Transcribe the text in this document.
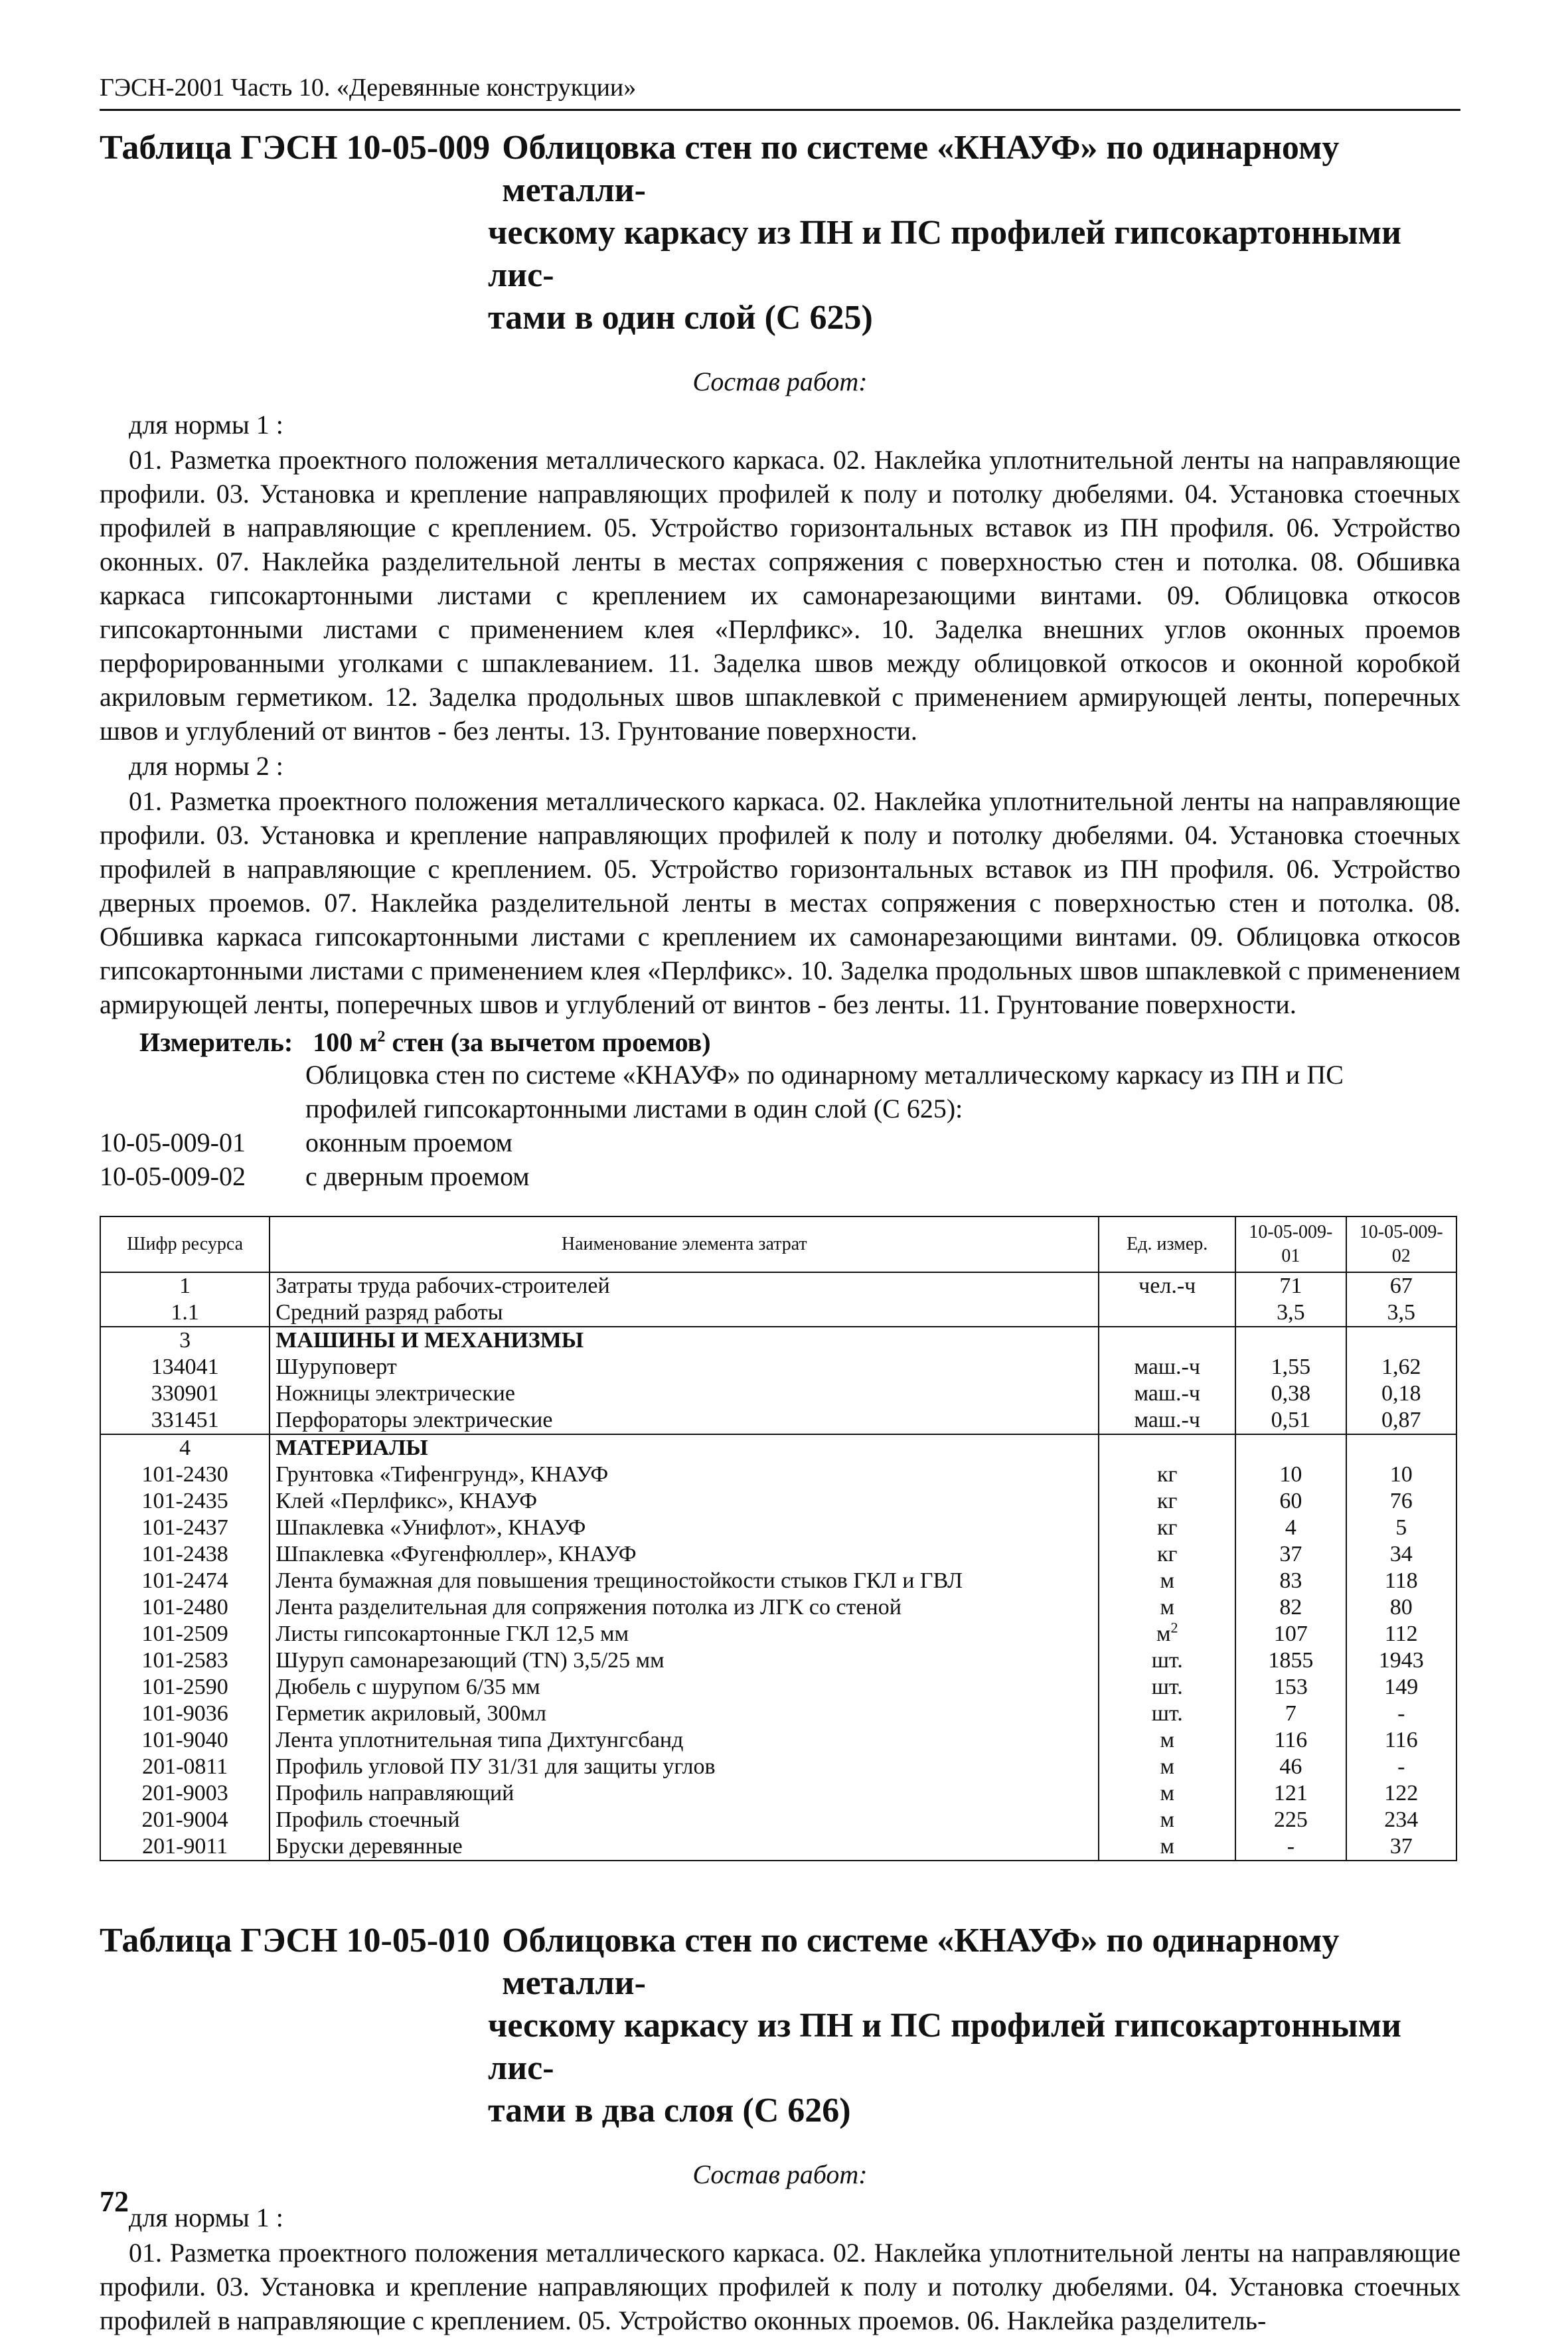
ГЭСН-2001 Часть 10. «Деревянные конструкции»
Таблица ГЭСН 10-05-009 Облицовка стен по системе «КНАУФ» по одинарному металли-
ческому каркасу из ПН и ПС профилей гипсокартонными лис-
тами в один слой (С 625)
Состав работ:
для нормы 1 :
01. Разметка проектного положения металлического каркаса. 02. Наклейка уплотнительной ленты на направляющие профили. 03. Установка и крепление направляющих профилей к полу и потолку дюбелями. 04. Установка стоечных профилей в направляющие с креплением. 05. Устройство горизонтальных вставок из ПН профиля. 06. Устройство оконных. 07. Наклейка разделительной ленты в местах сопряжения с поверхностью стен и потолка. 08. Обшивка каркаса гипсокартонными листами с креплением их самонарезающими винтами. 09. Облицовка откосов гипсокартонными листами с применением клея «Перлфикс». 10. Заделка внешних углов оконных проемов перфорированными уголками с шпаклеванием. 11. Заделка швов между облицовкой откосов и оконной коробкой акриловым герметиком. 12. Заделка продольных швов шпаклевкой с применением армирующей ленты, поперечных швов и углублений от винтов - без ленты. 13. Грунтование поверхности.
для нормы 2 :
01. Разметка проектного положения металлического каркаса. 02. Наклейка уплотнительной ленты на направляющие профили. 03. Установка и крепление направляющих профилей к полу и потолку дюбелями. 04. Установка стоечных профилей в направляющие с креплением. 05. Устройство горизонтальных вставок из ПН профиля. 06. Устройство дверных проемов. 07. Наклейка разделительной ленты в местах сопряжения с поверхностью стен и потолка. 08. Обшивка каркаса гипсокартонными листами с креплением их самонарезающими винтами. 09. Облицовка откосов гипсокартонными листами с применением клея «Перлфикс». 10. Заделка продольных швов шпаклевкой с применением армирующей ленты, поперечных швов и углублений от винтов - без ленты. 11. Грунтование поверхности.
Измеритель: 100 $м^2$ стен (за вычетом проемов)
Облицовка стен по системе «КНАУФ» по одинарному металлическому каркасу из ПН и ПС профилей гипсокартонными листами в один слой (С 625):
10-05-009-01	оконным проемом
10-05-009-02	с дверным проемом
Шифр ресурса	Наименование элемента затрат	Ед. измер.	10-05-009-01	10-05-009-02
1	Затраты труда рабочих-строителей	чел.-ч	71	67
1.1	Средний разряд работы		3,5	3,5
3	МАШИНЫ И МЕХАНИЗМЫ			
134041	Шуруповерт	маш.-ч	1,55	1,62
330901	Ножницы электрические	маш.-ч	0,38	0,18
331451	Перфораторы электрические	маш.-ч	0,51	0,87
4	МАТЕРИАЛЫ			
101-2430	Грунтовка «Тифенгрунд», КНАУФ	кг	10	10
101-2435	Клей «Перлфикс», КНАУФ	кг	60	76
101-2437	Шпаклевка «Унифлот», КНАУФ	кг	4	5
101-2438	Шпаклевка «Фугенфюллер», КНАУФ	кг	37	34
101-2474	Лента бумажная для повышения трещиностойкости стыков ГКЛ и ГВЛ	м	83	118
101-2480	Лента разделительная для сопряжения потолка из ЛГК со стеной	м	82	80
101-2509	Листы гипсокартонные ГКЛ 12,5 мм	$м^2$	107	112
101-2583	Шуруп самонарезающий (TN) 3,5/25 мм	шт.	1855	1943
101-2590	Дюбель с шурупом 6/35 мм	шт.	153	149
101-9036	Герметик акриловый, 300мл	шт.	7	-
101-9040	Лента уплотнительная типа Дихтунгсбанд	м	116	116
201-0811	Профиль угловой ПУ 31/31 для защиты углов	м	46	-
201-9003	Профиль направляющий	м	121	122
201-9004	Профиль стоечный	м	225	234
201-9011	Бруски деревянные	м	-	37
Таблица ГЭСН 10-05-010 Облицовка стен по системе «КНАУФ» по одинарному металли-
ческому каркасу из ПН и ПС профилей гипсокартонными лис-
тами в два слоя (С 626)
Состав работ:
для нормы 1 :
01. Разметка проектного положения металлического каркаса. 02. Наклейка уплотнительной ленты на направляющие профили. 03. Установка и крепление направляющих профилей к полу и потолку дюбелями. 04. Установка стоечных профилей в направляющие с креплением. 05. Устройство оконных проемов. 06. Наклейка разделитель-
72
